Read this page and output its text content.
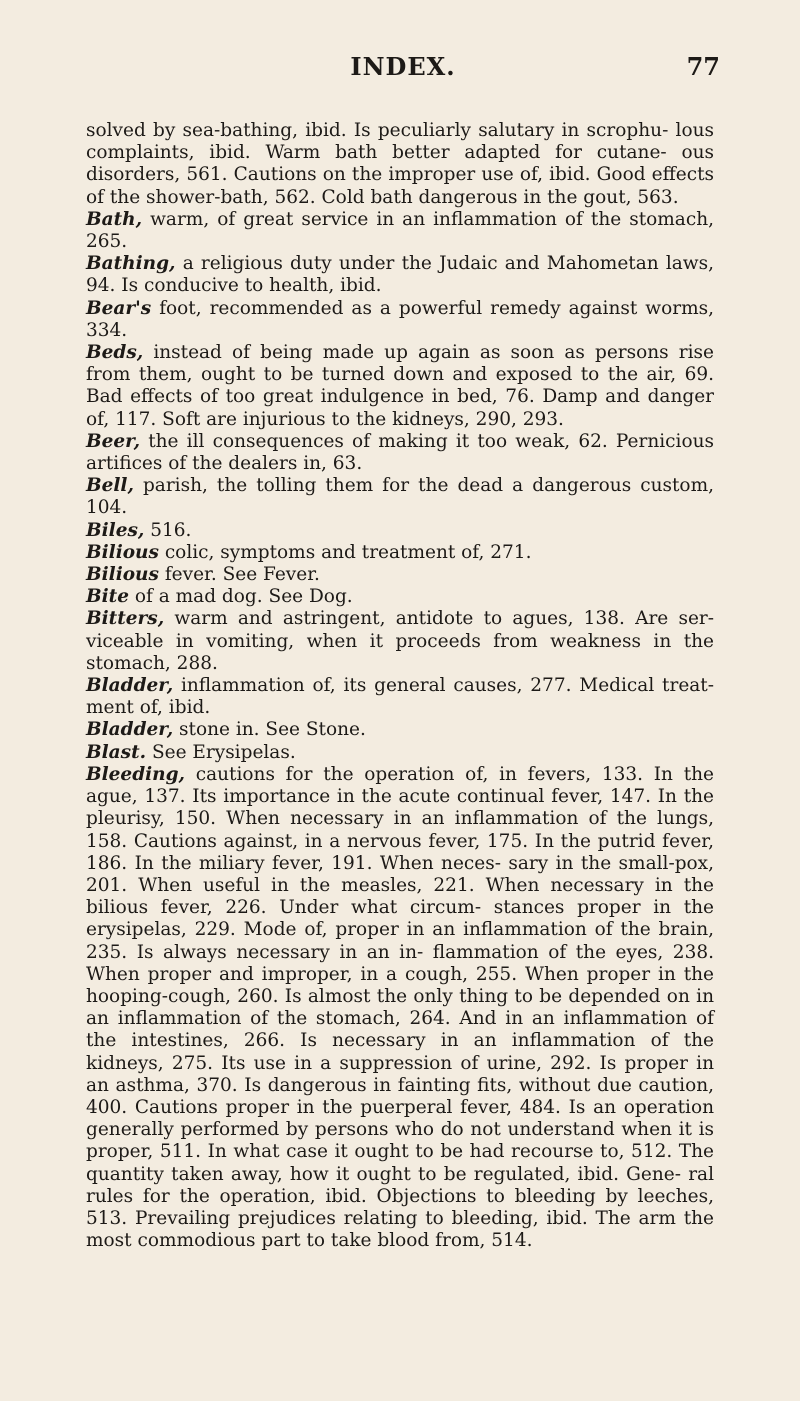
INDEX.	77

solved by sea-bathing, ibid. Is peculiarly salutary in scrophu- lous complaints, ibid. Warm bath better adapted for cutane- ous disorders, 561. Cautions on the improper use of, ibid. Good effects of the shower-bath, 562. Cold bath dangerous in the gout, 563.

Bath, warm, of great service in an inflammation of the stomach, 265.

Bathing, a religious duty under the Judaic and Mahometan laws, 94. Is conducive to health, ibid.

Bear's foot, recommended as a powerful remedy against worms, 334.

Beds, instead of being made up again as soon as persons rise from them, ought to be turned down and exposed to the air, 69. Bad effects of too great indulgence in bed, 76. Damp and danger of, 117. Soft are injurious to the kidneys, 290, 293.

Beer, the ill consequences of making it too weak, 62. Pernicious artifices of the dealers in, 63.

Bell, parish, the tolling them for the dead a dangerous custom, 104.

Biles, 516.

Bilious colic, symptoms and treatment of, 271.

Bilious fever. See Fever.

Bite of a mad dog. See Dog.

Bitters, warm and astringent, antidote to agues, 138. Are ser- viceable in vomiting, when it proceeds from weakness in the stomach, 288.

Bladder, inflammation of, its general causes, 277. Medical treat- ment of, ibid.

Bladder, stone in. See Stone.

Blast. See Erysipelas.

Bleeding, cautions for the operation of, in fevers, 133. In the ague, 137. Its importance in the acute continual fever, 147. In the pleurisy, 150. When necessary in an inflammation of the lungs, 158. Cautions against, in a nervous fever, 175. In the putrid fever, 186. In the miliary fever, 191. When neces- sary in the small-pox, 201. When useful in the measles, 221. When necessary in the bilious fever, 226. Under what circum- stances proper in the erysipelas, 229. Mode of, proper in an inflammation of the brain, 235. Is always necessary in an in- flammation of the eyes, 238. When proper and improper, in a cough, 255. When proper in the hooping-cough, 260. Is almost the only thing to be depended on in an inflammation of the stomach, 264. And in an inflammation of the intestines, 266. Is necessary in an inflammation of the kidneys, 275. Its use in a suppression of urine, 292. Is proper in an asthma, 370. Is dangerous in fainting fits, without due caution, 400. Cautions proper in the puerperal fever, 484. Is an operation generally performed by persons who do not understand when it is proper, 511. In what case it ought to be had recourse to, 512. The quantity taken away, how it ought to be regulated, ibid. Gene- ral rules for the operation, ibid. Objections to bleeding by leeches, 513. Prevailing prejudices relating to bleeding, ibid. The arm the most commodious part to take blood from, 514.
